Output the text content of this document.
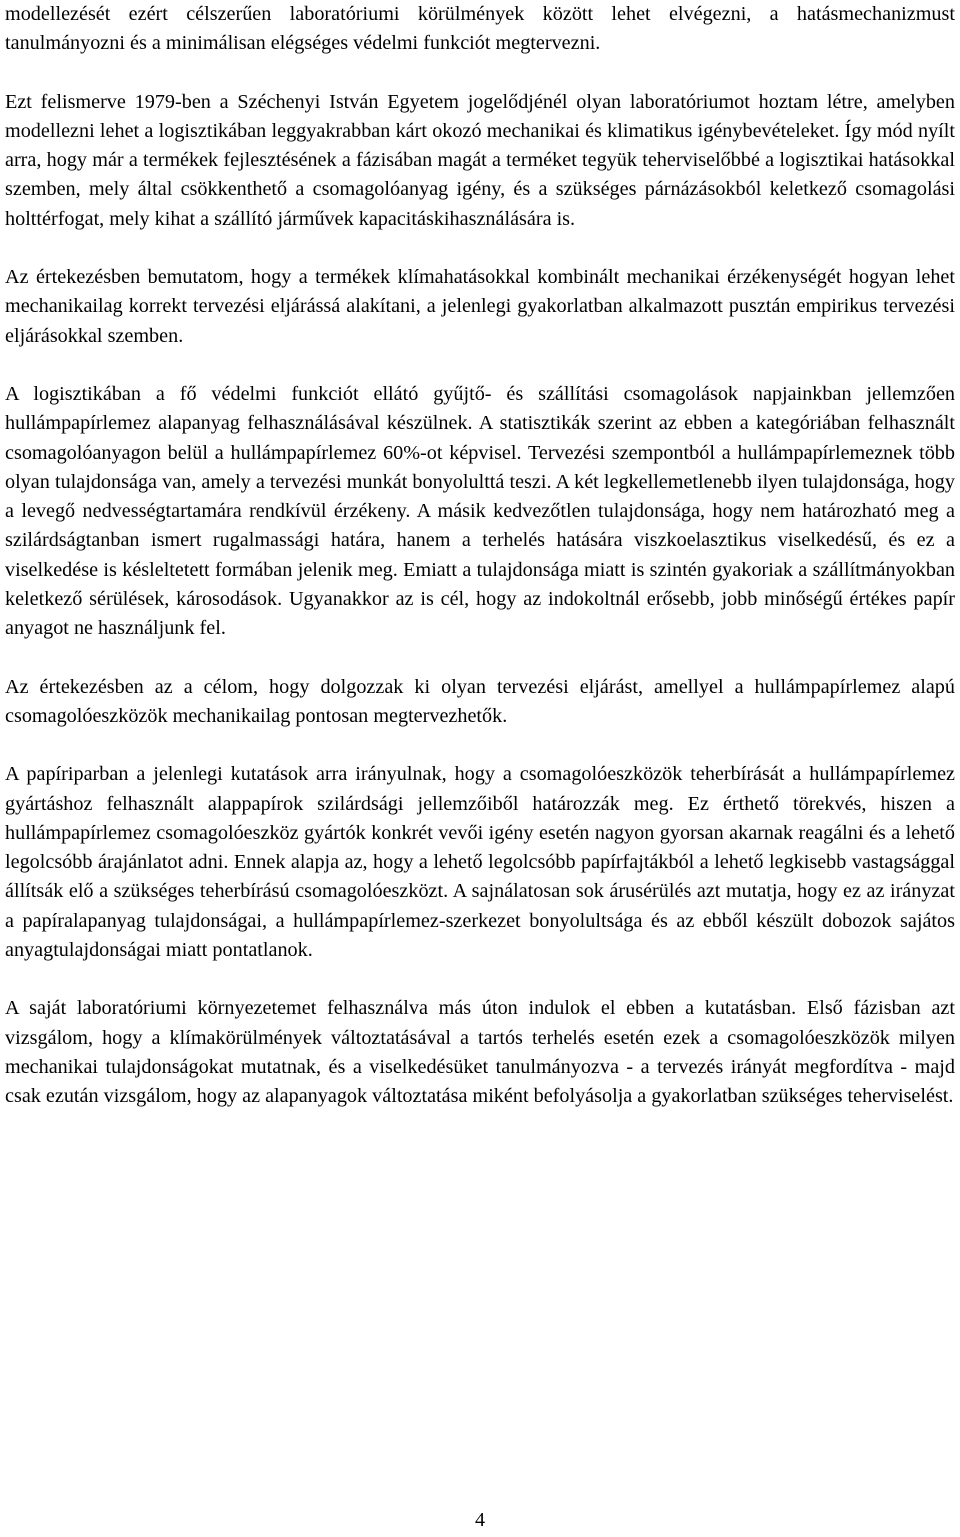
modellezését ezért célszerűen laboratóriumi körülmények között lehet elvégezni, a hatásmechanizmust tanulmányozni és a minimálisan elégséges védelmi funkciót megtervezni.

Ezt felismerve 1979-ben a Széchenyi István Egyetem jogelődjénél olyan laboratóriumot hoztam létre, amelyben modellezni lehet a logisztikában leggyakrabban kárt okozó mechanikai és klimatikus igénybevételeket. Így mód nyílt arra, hogy már a termékek fejlesztésének a fázisában magát a terméket tegyük teherviselőbbé a logisztikai hatásokkal szemben, mely által csökkenthető a csomagolóanyag igény, és a szükséges párnázásokból keletkező csomagolási holttérfogat, mely kihat a szállító járművek kapacitáskihasználására is.

Az értekezésben bemutatom, hogy a termékek klímahatásokkal kombinált mechanikai érzékenységét hogyan lehet mechanikailag korrekt tervezési eljárássá alakítani, a jelenlegi gyakorlatban alkalmazott pusztán empirikus tervezési eljárásokkal szemben.

A logisztikában a fő védelmi funkciót ellátó gyűjtő- és szállítási csomagolások napjainkban jellemzően hullámpapírlemez alapanyag felhasználásával készülnek. A statisztikák szerint az ebben a kategóriában felhasznált csomagolóanyagon belül a hullámpapírlemez 60%-ot képvisel. Tervezési szempontból a hullámpapírlemeznek több olyan tulajdonsága van, amely a tervezési munkát bonyolulttá teszi. A két legkellemetlenebb ilyen tulajdonsága, hogy a levegő nedvességtartamára rendkívül érzékeny. A másik kedvezőtlen tulajdonsága, hogy nem határozható meg a szilárdságtanban ismert rugalmassági határa, hanem a terhelés hatására viszkoelasztikus viselkedésű, és ez a viselkedése is késleltetett formában jelenik meg. Emiatt a tulajdonsága miatt is szintén gyakoriak a szállítmányokban keletkező sérülések, károsodások. Ugyanakkor az is cél, hogy az indokoltnál erősebb, jobb minőségű értékes papír anyagot ne használjunk fel.

Az értekezésben az a célom, hogy dolgozzak ki olyan tervezési eljárást, amellyel a hullámpapírlemez alapú csomagolóeszközök mechanikailag pontosan megtervezhetők.

A papíriparban a jelenlegi kutatások arra irányulnak, hogy a csomagolóeszközök teherbírását a hullámpapírlemez gyártáshoz felhasznált alappapírok szilárdsági jellemzőiből határozzák meg. Ez érthető törekvés, hiszen a hullámpapírlemez csomagolóeszköz gyártók konkrét vevői igény esetén nagyon gyorsan akarnak reagálni és a lehető legolcsóbb árajánlatot adni. Ennek alapja az, hogy a lehető legolcsóbb papírfajtákból a lehető legkisebb vastagsággal állítsák elő a szükséges teherbírású csomagolóeszközt. A sajnálatosan sok árusérülés azt mutatja, hogy ez az irányzat a papíralapanyag tulajdonságai, a hullámpapírlemez-szerkezet bonyolultsága és az ebből készült dobozok sajátos anyagtulajdonságai miatt pontatlanok.

A saját laboratóriumi környezetemet felhasználva más úton indulok el ebben a kutatásban. Első fázisban azt vizsgálom, hogy a klímakörülmények változtatásával a tartós terhelés esetén ezek a csomagolóeszközök milyen mechanikai tulajdonságokat mutatnak, és a viselkedésüket tanulmányozva - a tervezés irányát megfordítva - majd csak ezután vizsgálom, hogy az alapanyagok változtatása miként befolyásolja a gyakorlatban szükséges teherviselést.

4
